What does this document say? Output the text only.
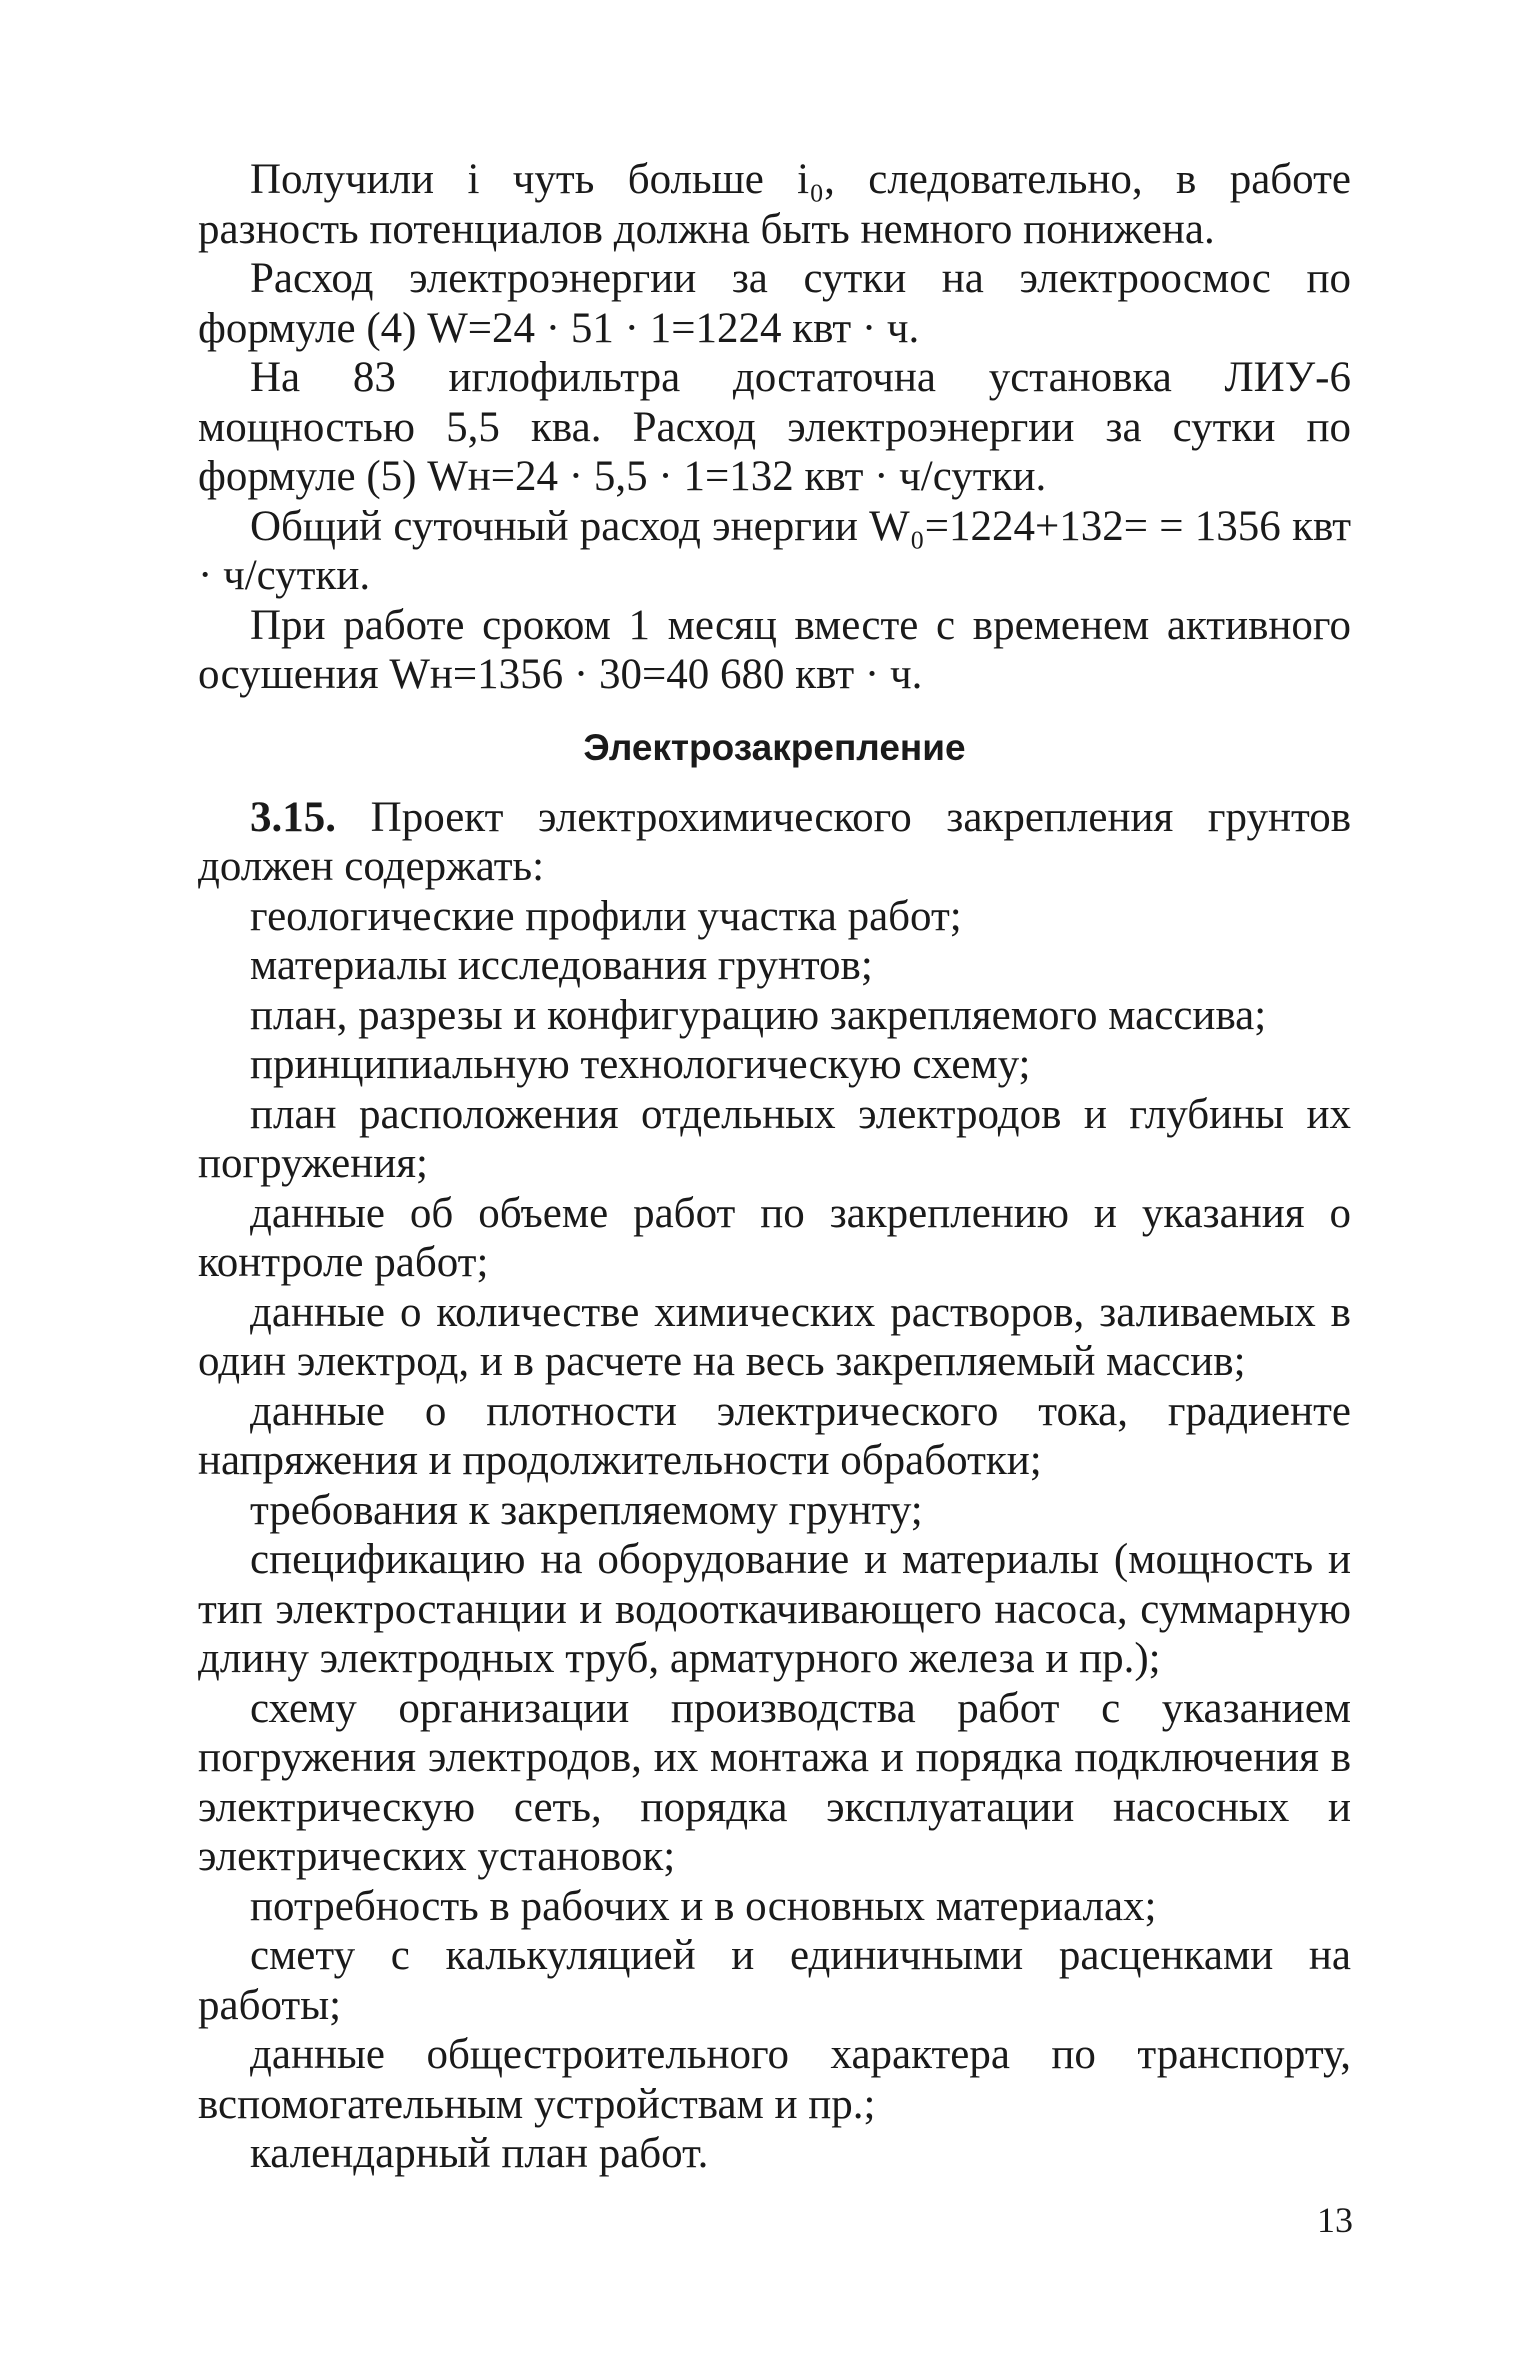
Получили i чуть больше i₀, следовательно, в работе разность потенциалов должна быть немного понижена.

Расход электроэнергии за сутки на электроосмос по формуле (4) W=24 · 51 · 1=1224 квт · ч.

На 83 иглофильтра достаточна установка ЛИУ-6 мощностью 5,5 ква. Расход электроэнергии за сутки по формуле (5) Wн=24 · 5,5 · 1=132 квт · ч/сутки.

Общий суточный расход энергии W₀=1224+132= = 1356 квт · ч/сутки.

При работе сроком 1 месяц вместе с временем активного осушения Wн=1356 · 30=40 680 квт · ч.

Электрозакрепление

3.15. Проект электрохимического закрепления грунтов должен содержать:

геологические профили участка работ;

материалы исследования грунтов;

план, разрезы и конфигурацию закрепляемого массива;

принципиальную технологическую схему;

план расположения отдельных электродов и глубины их погружения;

данные об объеме работ по закреплению и указания о контроле работ;

данные о количестве химических растворов, заливаемых в один электрод, и в расчете на весь закрепляемый массив;

данные о плотности электрического тока, градиенте напряжения и продолжительности обработки;

требования к закрепляемому грунту;

спецификацию на оборудование и материалы (мощность и тип электростанции и водооткачивающего насоса, суммарную длину электродных труб, арматурного железа и пр.);

схему организации производства работ с указанием погружения электродов, их монтажа и порядка подключения в электрическую сеть, порядка эксплуатации насосных и электрических установок;

потребность в рабочих и в основных материалах;

смету с калькуляцией и единичными расценками на работы;

данные общестроительного характера по транспорту, вспомогательным устройствам и пр.;

календарный план работ.

13
